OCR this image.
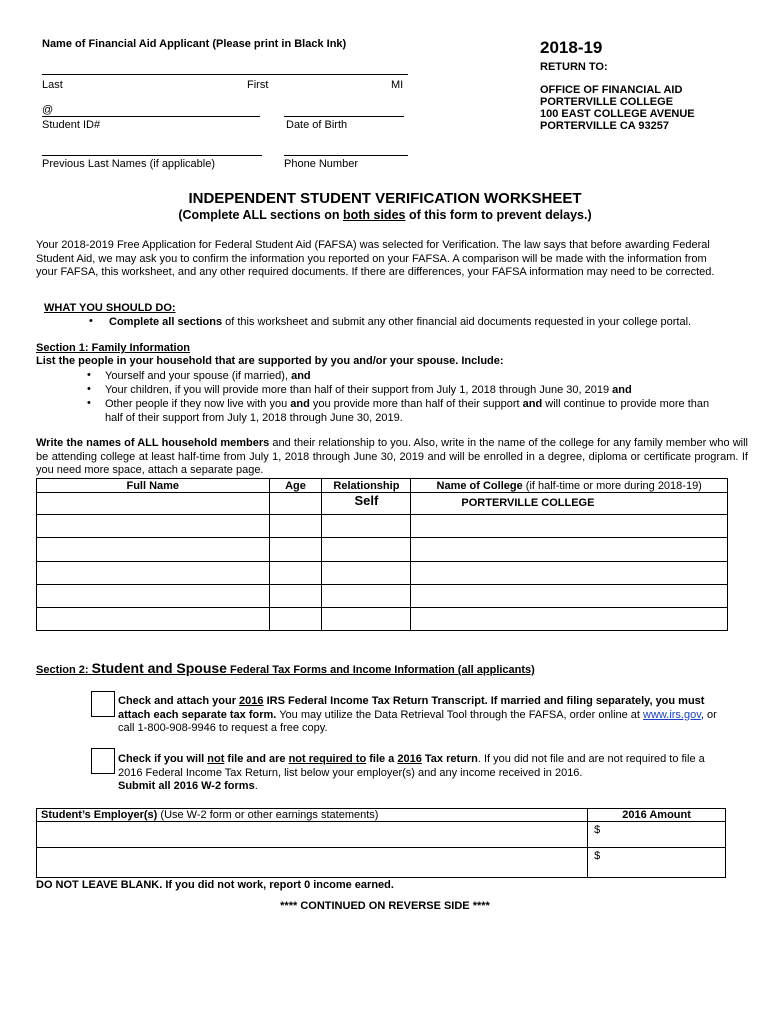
Name of Financial Aid Applicant (Please print in Black Ink)	2018-19
RETURN TO:
OFFICE OF FINANCIAL AID
PORTERVILLE COLLEGE
100 EAST COLLEGE AVENUE
PORTERVILLE CA 93257
Last	First	MI
@
Student ID#	Date of Birth
Previous Last Names (if applicable)	Phone Number
INDEPENDENT STUDENT VERIFICATION WORKSHEET
(Complete ALL sections on both sides of this form to prevent delays.)
Your 2018-2019 Free Application for Federal Student Aid (FAFSA) was selected for Verification. The law says that before awarding Federal Student Aid, we may ask you to confirm the information you reported on your FAFSA. A comparison will be made with the information from your FAFSA, this worksheet, and any other required documents. If there are differences, your FAFSA information may need to be corrected.
WHAT YOU SHOULD DO:
• Complete all sections of this worksheet and submit any other financial aid documents requested in your college portal.
Section 1: Family Information
List the people in your household that are supported by you and/or your spouse. Include:
• Yourself and your spouse (if married), and
• Your children, if you will provide more than half of their support from July 1, 2018 through June 30, 2019 and
• Other people if they now live with you and you provide more than half of their support and will continue to provide more than half of their support from July 1, 2018 through June 30, 2019.
Write the names of ALL household members and their relationship to you. Also, write in the name of the college for any family member who will be attending college at least half-time from July 1, 2018 through June 30, 2019 and will be enrolled in a degree, diploma or certificate program. If you need more space, attach a separate page.
Full Name	Age	Relationship	Name of College (if half-time or more during 2018-19)
		Self	PORTERVILLE COLLEGE

Section 2: Student and Spouse Federal Tax Forms and Income Information (all applicants)
Check and attach your 2016 IRS Federal Income Tax Return Transcript. If married and filing separately, you must attach each separate tax form. You may utilize the Data Retrieval Tool through the FAFSA, order online at www.irs.gov, or call 1-800-908-9946 to request a free copy.
Check if you will not file and are not required to file a 2016 Tax return. If you did not file and are not required to file a 2016 Federal Income Tax Return, list below your employer(s) and any income received in 2016.
Submit all 2016 W-2 forms.
Student’s Employer(s) (Use W-2 form or other earnings statements)	2016 Amount
	$
	$
DO NOT LEAVE BLANK. If you did not work, report 0 income earned.
**** CONTINUED ON REVERSE SIDE ****
